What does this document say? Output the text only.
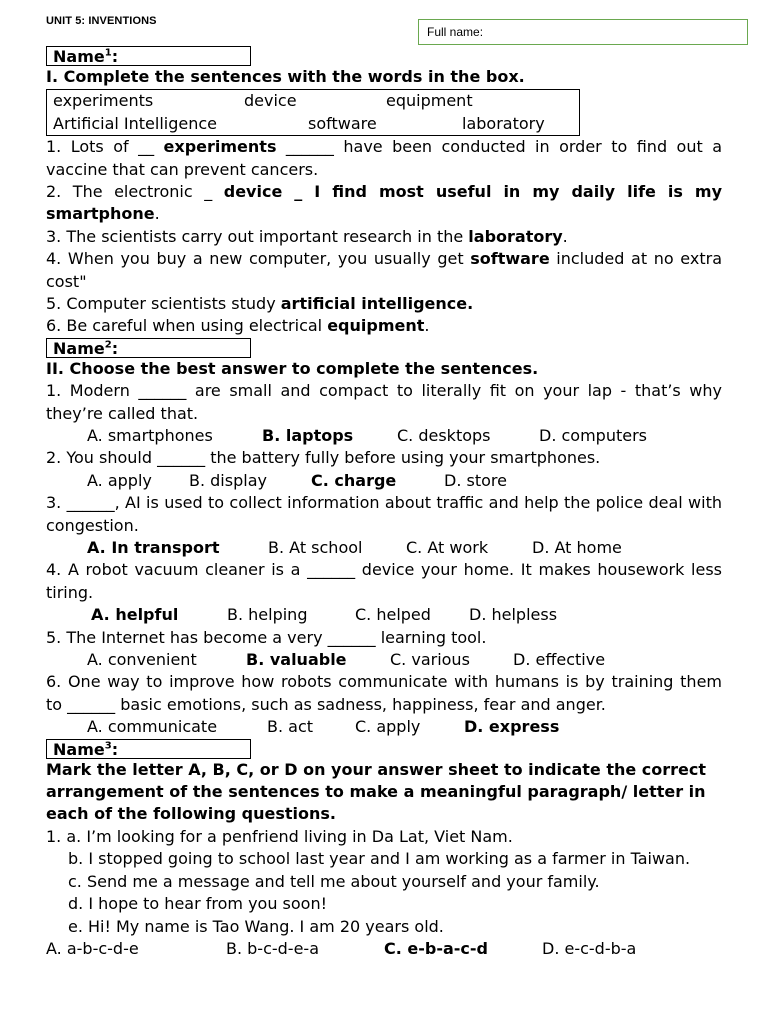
UNIT 5: INVENTIONS
Full name:
Name$^1$:

I. Complete the sentences with the words in the box.

experiments	device	equipment
Artificial Intelligence	software	laboratory

1. Lots of __ experiments ______ have been conducted in order to find out a vaccine that can prevent cancers.

2. The electronic _ device _ I find most useful in my daily life is my smartphone.

3. The scientists carry out important research in the laboratory.

4. When you buy a new computer, you usually get software included at no extra cost"

5. Computer scientists study artificial intelligence.

6. Be careful when using electrical equipment.

Name$^2$:

II. Choose the best answer to complete the sentences.

1. Modern ______ are small and compact to literally fit on your lap - that’s why they’re called that.

A. smartphones	B. laptops	C. desktops	D. computers

2. You should ______ the battery fully before using your smartphones.

A. apply B. display	C. charge	D. store

3. ______, AI is used to collect information about traffic and help the police deal with congestion.

A. In transport	B. At school	C. At work	D. At home

4. A robot vacuum cleaner is a ______ device your home. It makes housework less tiring.

A. helpful	B. helping	C. helped D. helpless

5. The Internet has become a very ______ learning tool.

A. convenient	B. valuable	C. various	D. effective

6. One way to improve how robots communicate with humans is by training them to ______ basic emotions, such as sadness, happiness, fear and anger.

A. communicate	B. act	C. apply	D. express
Name$^3$:

Mark the letter A, B, C, or D on your answer sheet to indicate the correct arrangement of the sentences to make a meaningful paragraph/ letter in each of the following questions.

1. a. I’m looking for a penfriend living in Da Lat, Viet Nam.

b. I stopped going to school last year and I am working as a farmer in Taiwan.

c. Send me a message and tell me about yourself and your family.

d. I hope to hear from you soon!

e. Hi! My name is Tao Wang. I am 20 years old.

A. a-b-c-d-e	B. b-c-d-e-a	C. e-b-a-c-d	D. e-c-d-b-a
